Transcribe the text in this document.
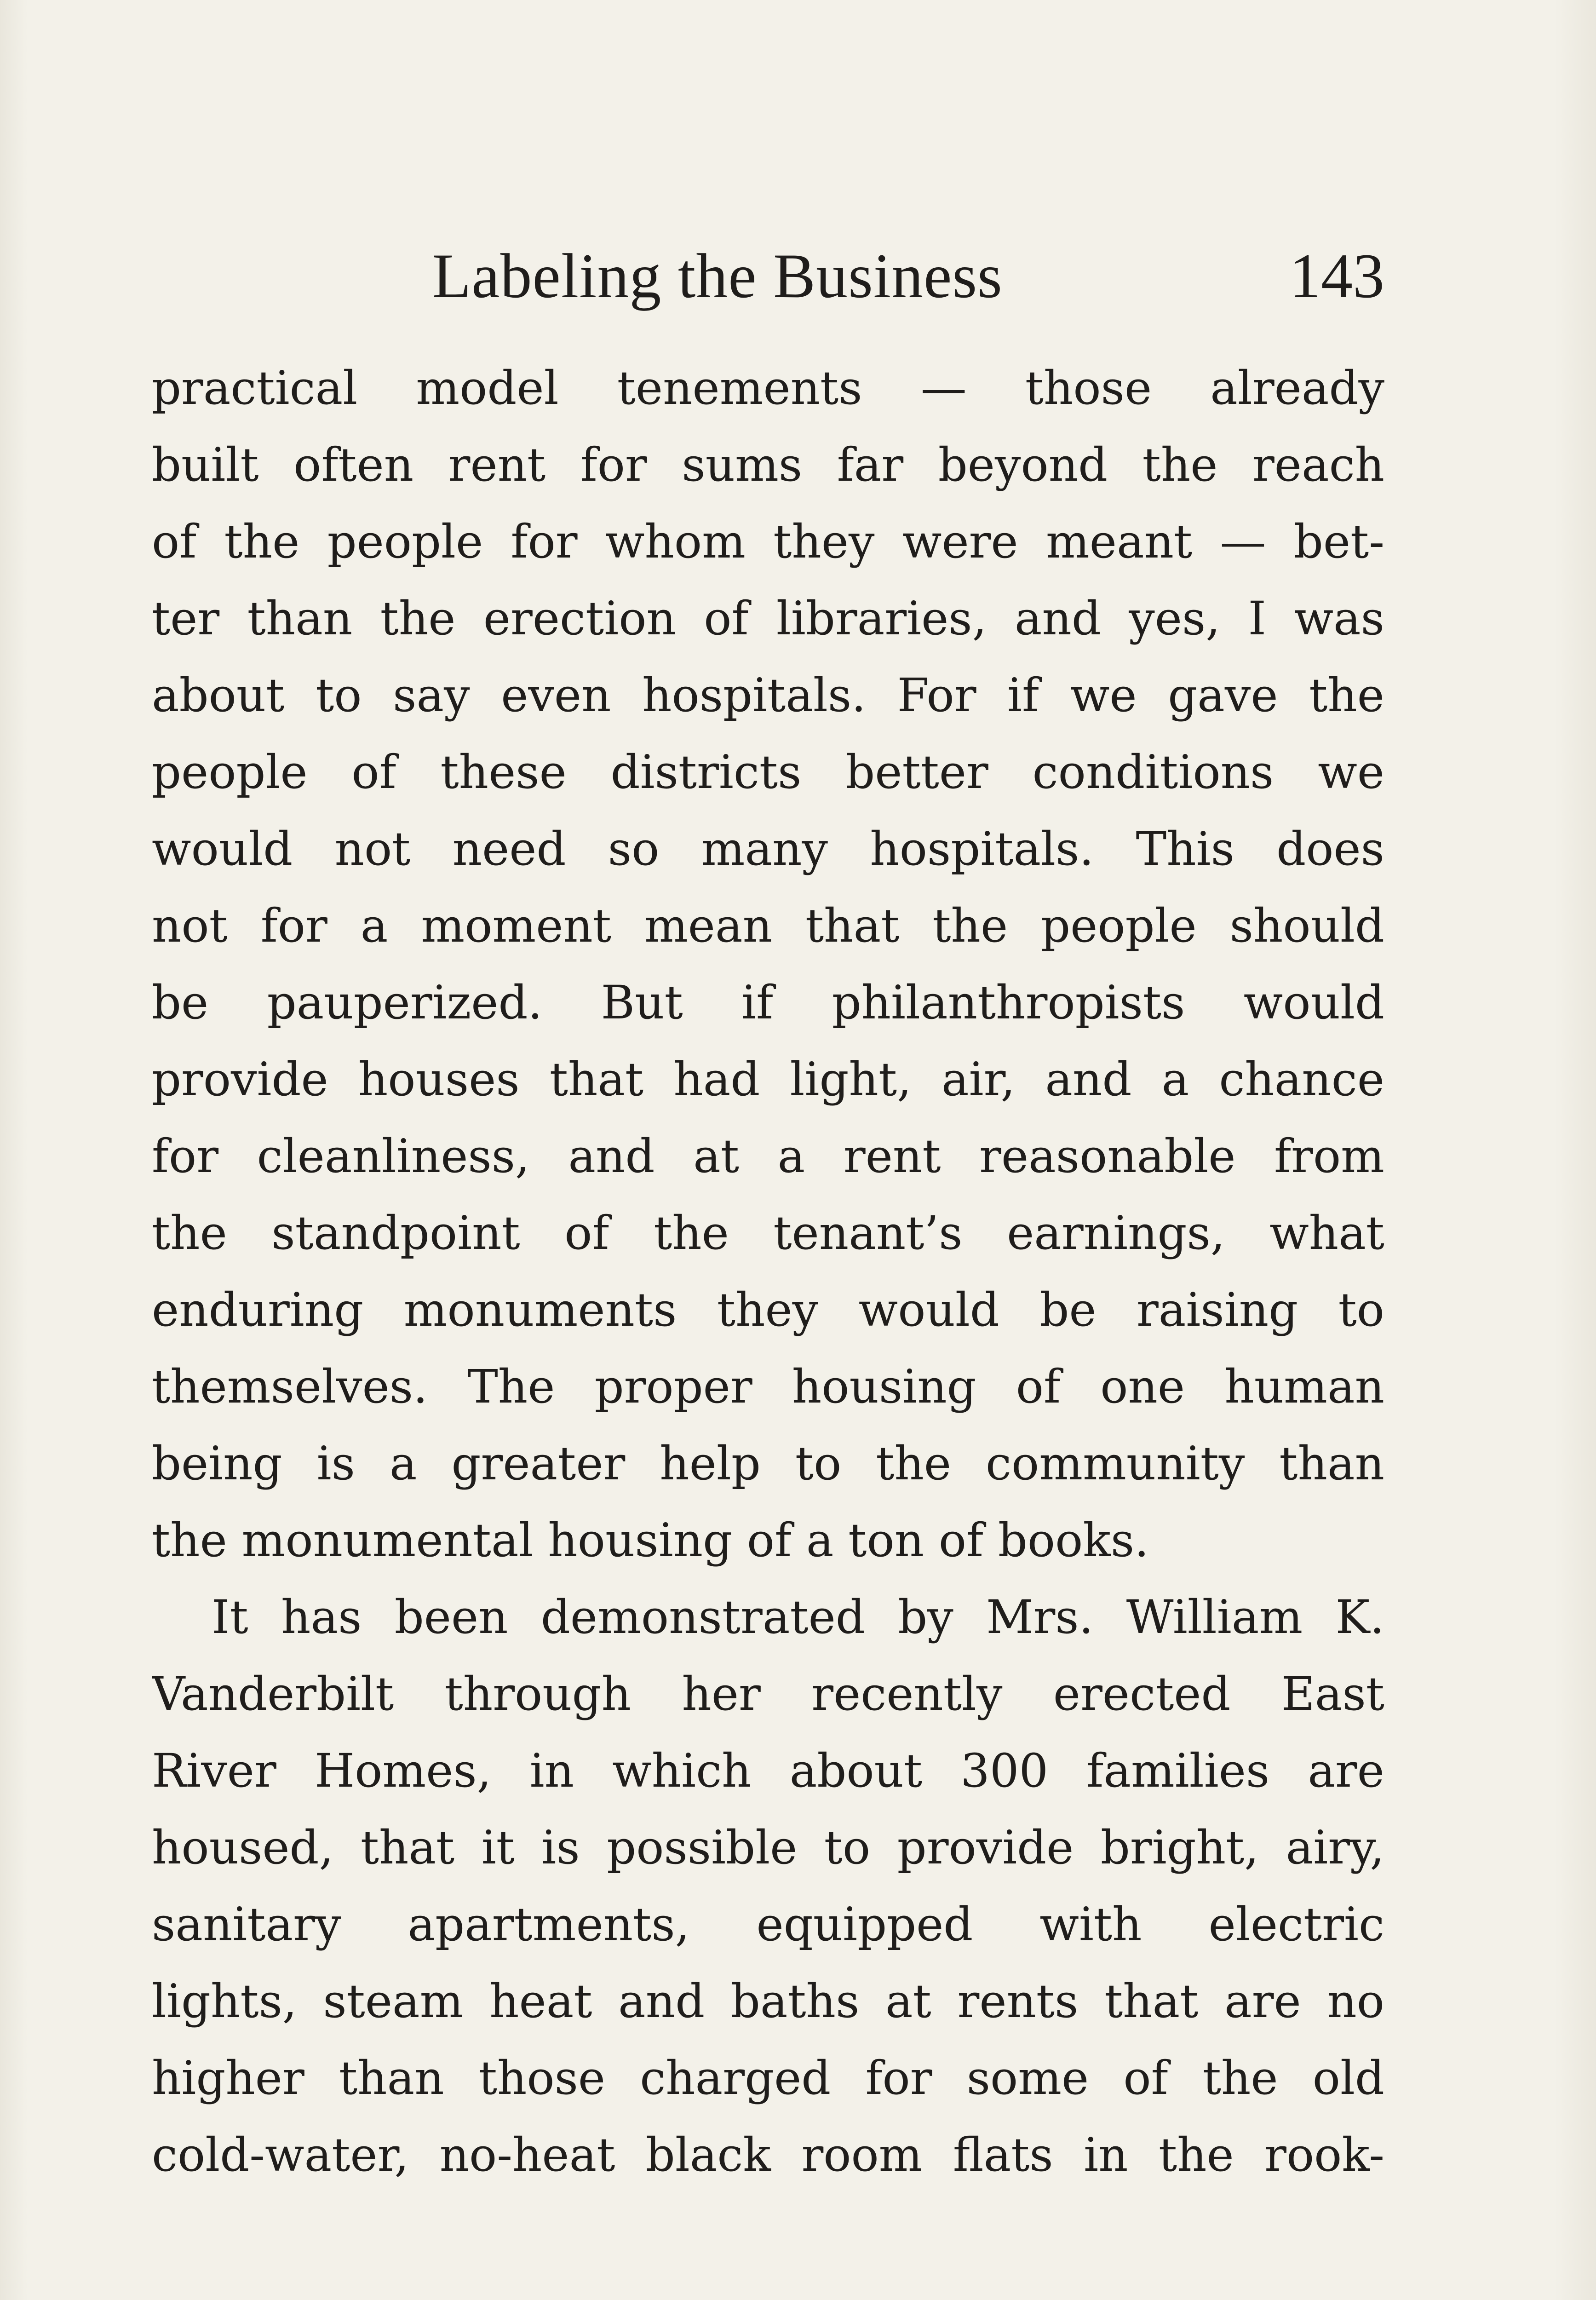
Labeling the Business	143
practical model tenements — those already
built often rent for sums far beyond the reach
of the people for whom they were meant — bet-
ter than the erection of libraries, and yes, I was
about to say even hospitals. For if we gave the
people of these districts better conditions we
would not need so many hospitals. This does
not for a moment mean that the people should
be pauperized. But if philanthropists would
provide houses that had light, air, and a chance
for cleanliness, and at a rent reasonable from
the standpoint of the tenant’s earnings, what
enduring monuments they would be raising to
themselves. The proper housing of one human
being is a greater help to the community than
the monumental housing of a ton of books.
It has been demonstrated by Mrs. William K.
Vanderbilt through her recently erected East
River Homes, in which about 300 families are
housed, that it is possible to provide bright, airy,
sanitary apartments, equipped with electric
lights, steam heat and baths at rents that are no
higher than those charged for some of the old
cold-water, no-heat black room flats in the rook-
